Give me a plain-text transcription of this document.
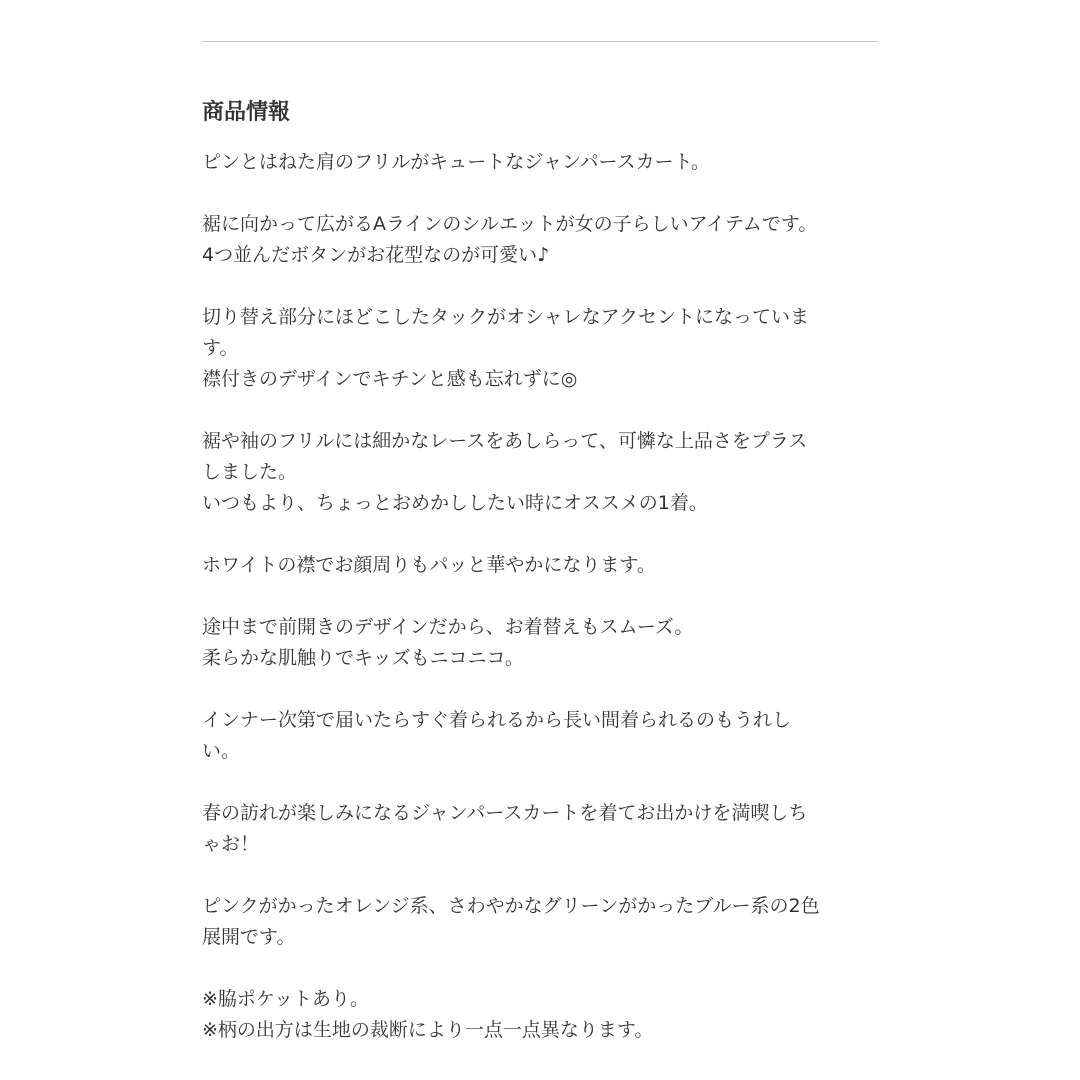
商品情報

ピンとはねた肩のフリルがキュートなジャンパースカート。

裾に向かって広がるAラインのシルエットが女の子らしいアイテムです。
4つ並んだボタンがお花型なのが可愛い♪

切り替え部分にほどこしたタックがオシャレなアクセントになっていま
す。
襟付きのデザインでキチンと感も忘れずに◎

裾や袖のフリルには細かなレースをあしらって、可憐な上品さをプラス
しました。
いつもより、ちょっとおめかししたい時にオススメの1着。

ホワイトの襟でお顔周りもパッと華やかになります。

途中まで前開きのデザインだから、お着替えもスムーズ。
柔らかな肌触りでキッズもニコニコ。

インナー次第で届いたらすぐ着られるから長い間着られるのもうれし
い。

春の訪れが楽しみになるジャンパースカートを着てお出かけを満喫しち
ゃお！

ピンクがかったオレンジ系、さわやかなグリーンがかったブルー系の2色
展開です。

※脇ポケットあり。
※柄の出方は生地の裁断により一点一点異なります。
